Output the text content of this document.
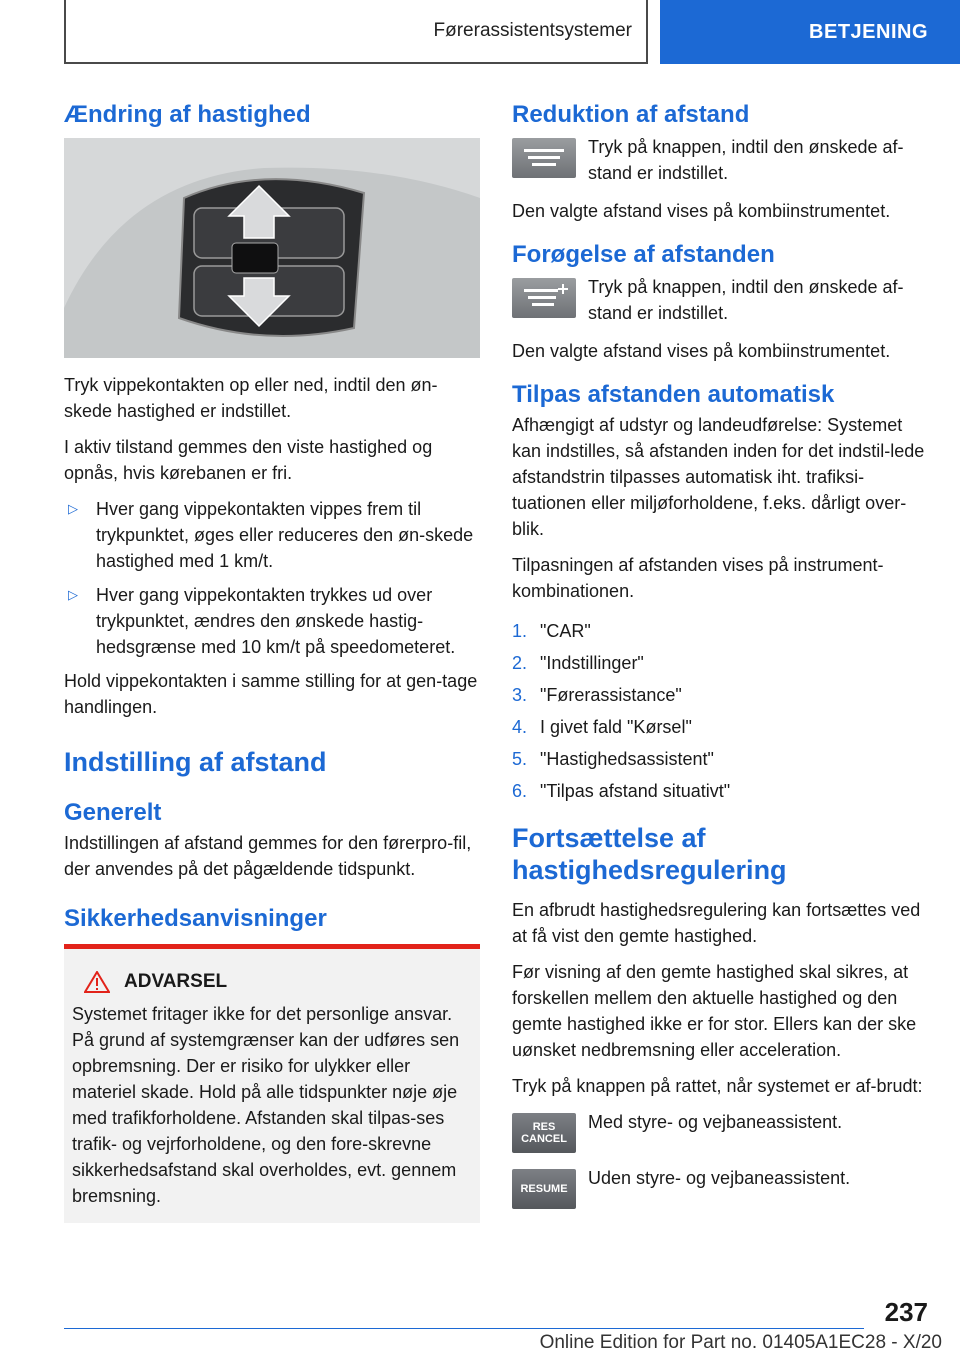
Førerassistentsystemer	BETJENING
Ændring af hastighed

Tryk vippekontakten op eller ned, indtil den øn-skede hastighed er indstillet.

I aktiv tilstand gemmes den viste hastighed og opnås, hvis kørebanen er fri.

▷	Hver gang vippekontakten vippes frem til trykpunktet, øges eller reduceres den øn-skede hastighed med 1 km/t.
▷	Hver gang vippekontakten trykkes ud over trykpunktet, ændres den ønskede hastig-hedsgrænse med 10 km/t på speedometeret.

Hold vippekontakten i samme stilling for at gen-tage handlingen.

Indstilling af afstand
Generelt

Indstillingen af afstand gemmes for den førerpro-fil, der anvendes på det pågældende tidspunkt.

Sikkerhedsanvisninger
ADVARSEL

Systemet fritager ikke for det personlige ansvar. På grund af systemgrænser kan der udføres sen opbremsning. Der er risiko for ulykker eller materiel skade. Hold på alle tidspunkter nøje øje med trafikforholdene. Afstanden skal tilpas-ses trafik- og vejrforholdene, og den fore-skrevne sikkerhedsafstand skal overholdes, evt. gennem bremsning.

Reduktion af afstand

Tryk på knappen, indtil den ønskede af-stand er indstillet.

Den valgte afstand vises på kombiinstrumentet.

Forøgelse af afstanden

Tryk på knappen, indtil den ønskede af-stand er indstillet.

Den valgte afstand vises på kombiinstrumentet.

Tilpas afstanden automatisk

Afhængigt af udstyr og landeudførelse: Systemet kan indstilles, så afstanden inden for det indstil-lede afstandstrin tilpasses automatisk iht. trafiksi-tuationen eller miljøforholdene, f.eks. dårligt over-blik.

Tilpasningen af afstanden vises på instrument-kombinationen.

1. "CAR"
2. "Indstillinger"
3. "Førerassistance"
4. I givet fald "Kørsel"
5. "Hastighedsassistent"
6. "Tilpas afstand situativt"
Fortsættelse af hastighedsregulering

En afbrudt hastighedsregulering kan fortsættes ved at få vist den gemte hastighed.

Før visning af den gemte hastighed skal sikres, at forskellen mellem den aktuelle hastighed og den gemte hastighed ikke er for stor. Ellers kan der ske uønsket nedbremsning eller acceleration.

Tryk på knappen på rattet, når systemet er af-brudt:

RES CANCEL

Med styre- og vejbaneassistent.

RESUME

Uden styre- og vejbaneassistent.

237
Online Edition for Part no. 01405A1EC28 - X/20
